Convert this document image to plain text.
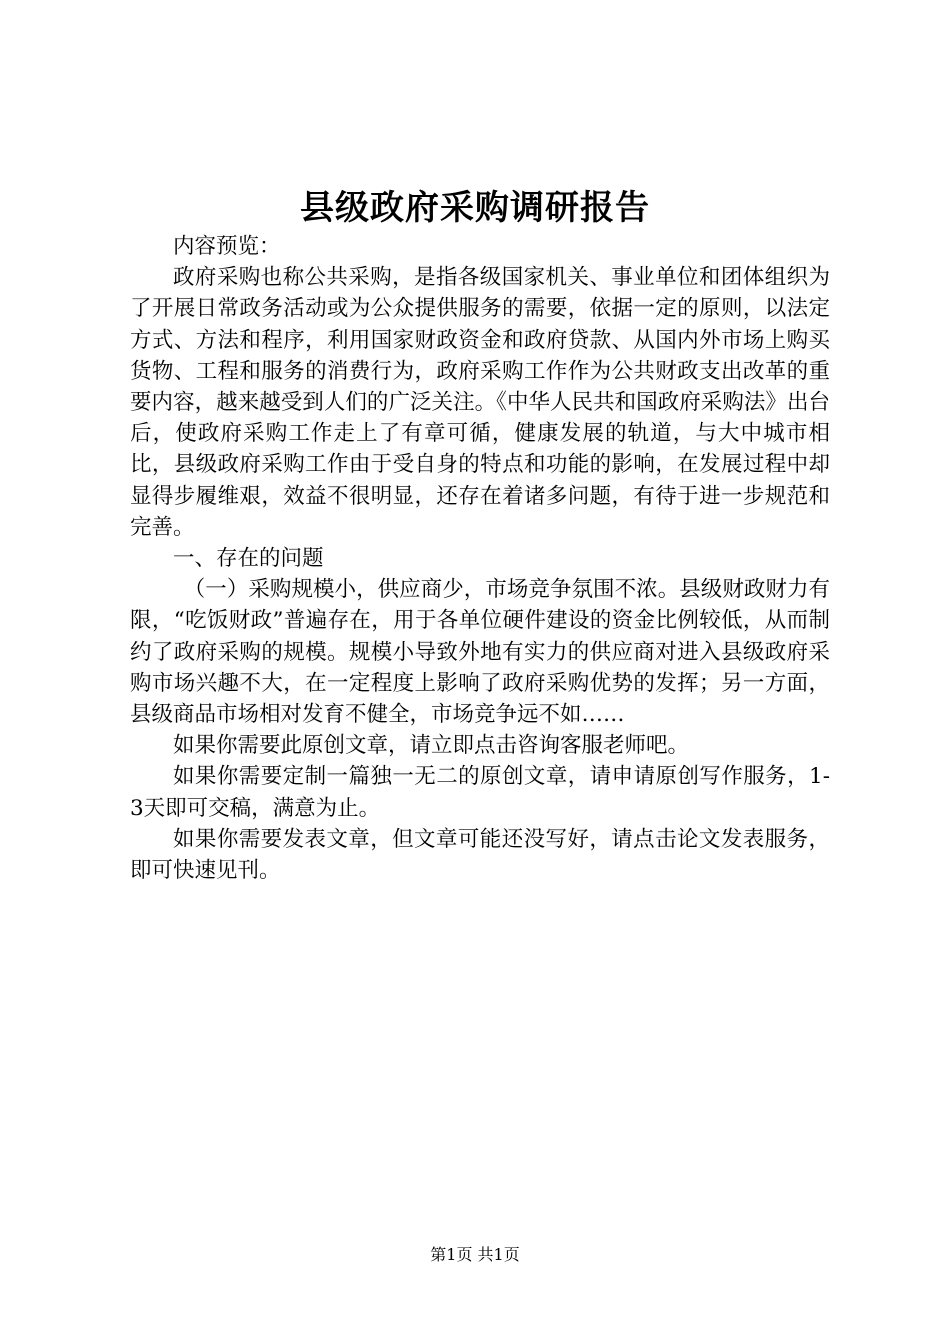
县级政府采购调研报告

内容预览：

政府采购也称公共采购，是指各级国家机关、事业单位和团体组织为了开展日常政务活动或为公众提供服务的需要，依据一定的原则，以法定方式、方法和程序，利用国家财政资金和政府贷款、从国内外市场上购买货物、工程和服务的消费行为，政府采购工作作为公共财政支出改革的重要内容，越来越受到人们的广泛关注。《中华人民共和国政府采购法》出台后，使政府采购工作走上了有章可循，健康发展的轨道，与大中城市相比，县级政府采购工作由于受自身的特点和功能的影响，在发展过程中却显得步履维艰，效益不很明显，还存在着诸多问题，有待于进一步规范和完善。

一、存在的问题

（一）采购规模小，供应商少，市场竞争氛围不浓。县级财政财力有限，“吃饭财政”普遍存在，用于各单位硬件建设的资金比例较低，从而制约了政府采购的规模。规模小导致外地有实力的供应商对进入县级政府采购市场兴趣不大，在一定程度上影响了政府采购优势的发挥；另一方面，县级商品市场相对发育不健全，市场竞争远不如……

如果你需要此原创文章，请立即点击咨询客服老师吧。

如果你需要定制一篇独一无二的原创文章，请申请原创写作服务，1-3天即可交稿，满意为止。

如果你需要发表文章，但文章可能还没写好，请点击论文发表服务，即可快速见刊。

第1页 共1页
